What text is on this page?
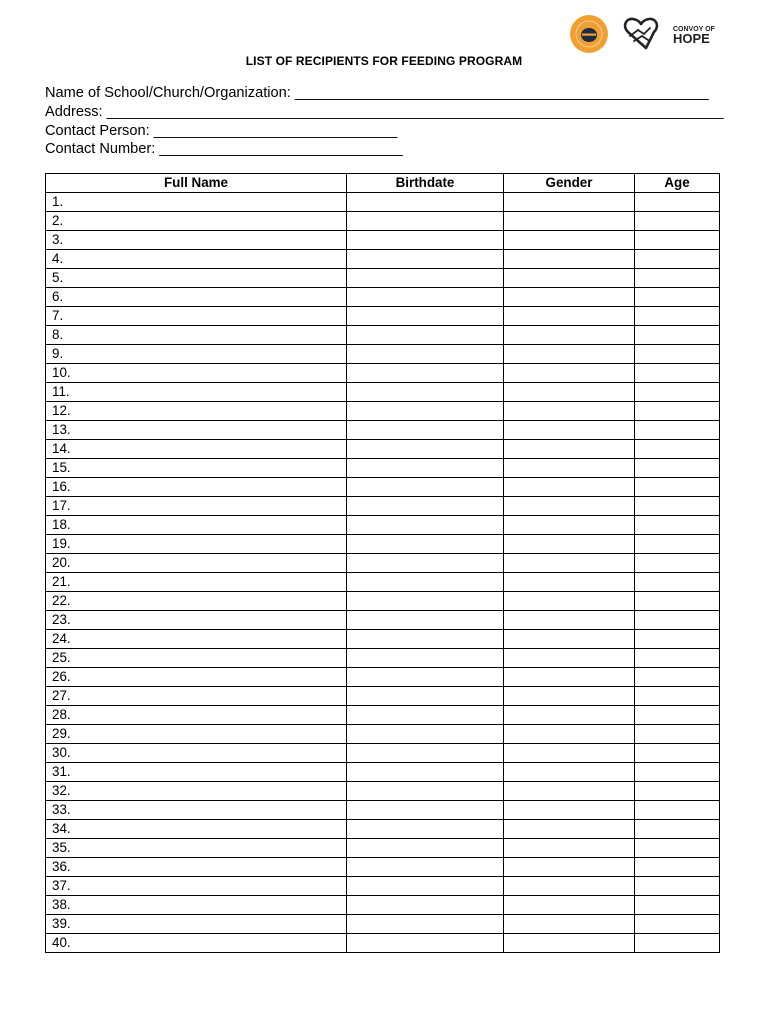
CONVOY OF
HOPE
LIST OF RECIPIENTS FOR FEEDING PROGRAM
Name of School/Church/Organization: ___________________________________________________
Address: ____________________________________________________________________________
Contact Person: ______________________________
Contact Number: ______________________________
Full Name	Birthdate	Gender	Age
1.			
2.			
3.			
4.			
5.			
6.			
7.			
8.			
9.			
10.			
11.			
12.			
13.			
14.			
15.			
16.			
17.			
18.			
19.			
20.			
21.			
22.			
23.			
24.			
25.			
26.			
27.			
28.			
29.			
30.			
31.			
32.			
33.			
34.			
35.			
36.			
37.			
38.			
39.			
40.			
